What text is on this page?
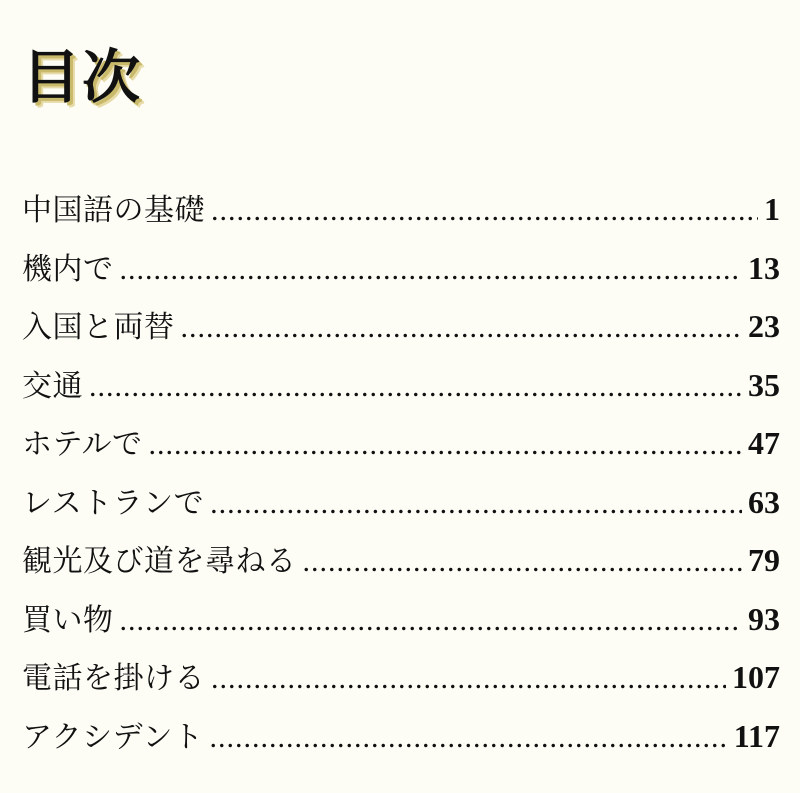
目次
中国語の基礎 .....	1
機内で .....	13
入国と両替 .....	23
交通 .....	35
ホテルで .....	47
レストランで .....	63
観光及び道を尋ねる .....	79
買い物 .....	93
電話を掛ける .....	107
アクシデント .....	117
